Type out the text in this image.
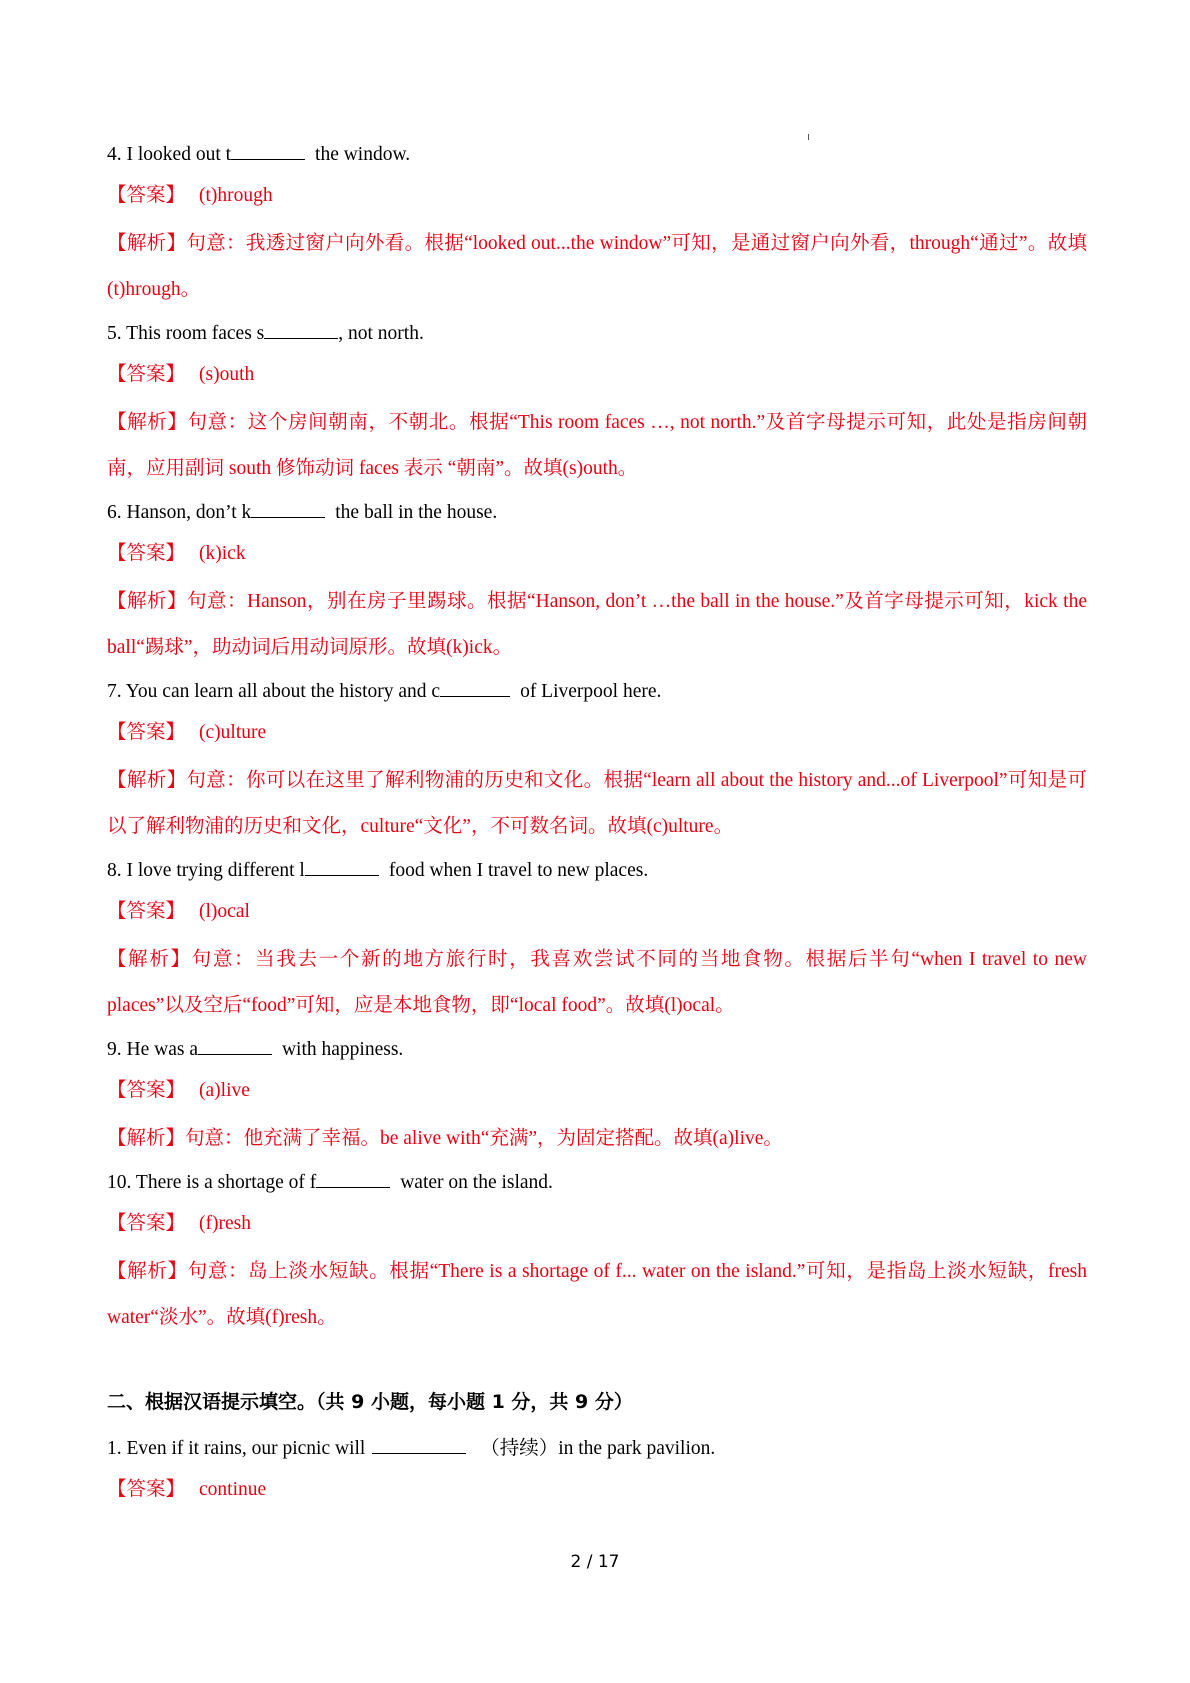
4. I looked out t	the window.

【答案】 (t)hrough

【解析】句意：我透过窗户向外看。根据“looked out...the window”可知，是通过窗户向外看，through“通过”。故填(t)hrough。

5. This room faces s	, not north.

【答案】 (s)outh

【解析】句意：这个房间朝南，不朝北。根据“This room faces …, not north.”及首字母提示可知，此处是指房间朝南，应用副词 south 修饰动词 faces 表示 “朝南”。故填(s)outh。

6. Hanson, don’t k	the ball in the house.

【答案】 (k)ick

【解析】句意：Hanson，别在房子里踢球。根据“Hanson, don’t …the ball in the house.”及首字母提示可知，kick the ball“踢球”，助动词后用动词原形。故填(k)ick。

7. You can learn all about the history and c	of Liverpool here.

【答案】 (c)ulture

【解析】句意：你可以在这里了解利物浦的历史和文化。根据“learn all about the history and...of Liverpool”可知是可以了解利物浦的历史和文化，culture“文化”，不可数名词。故填(c)ulture。

8. I love trying different l	food when I travel to new places.

【答案】 (l)ocal

【解析】句意：当我去一个新的地方旅行时，我喜欢尝试不同的当地食物。根据后半句“when I travel to new places”以及空后“food”可知，应是本地食物，即“local food”。故填(l)ocal。

9. He was a	with happiness.

【答案】 (a)live

【解析】句意：他充满了幸福。be alive with“充满”，为固定搭配。故填(a)live。

10. There is a shortage of f	water on the island.

【答案】 (f)resh

【解析】句意：岛上淡水短缺。根据“There is a shortage of f... water on the island.”可知，是指岛上淡水短缺，fresh water“淡水”。故填(f)resh。

二、根据汉语提示填空。（共 9 小题，每小题 1 分，共 9 分）

1. Even if it rains, our picnic will	（持续）in the park pavilion.

【答案】 continue

2 / 17
